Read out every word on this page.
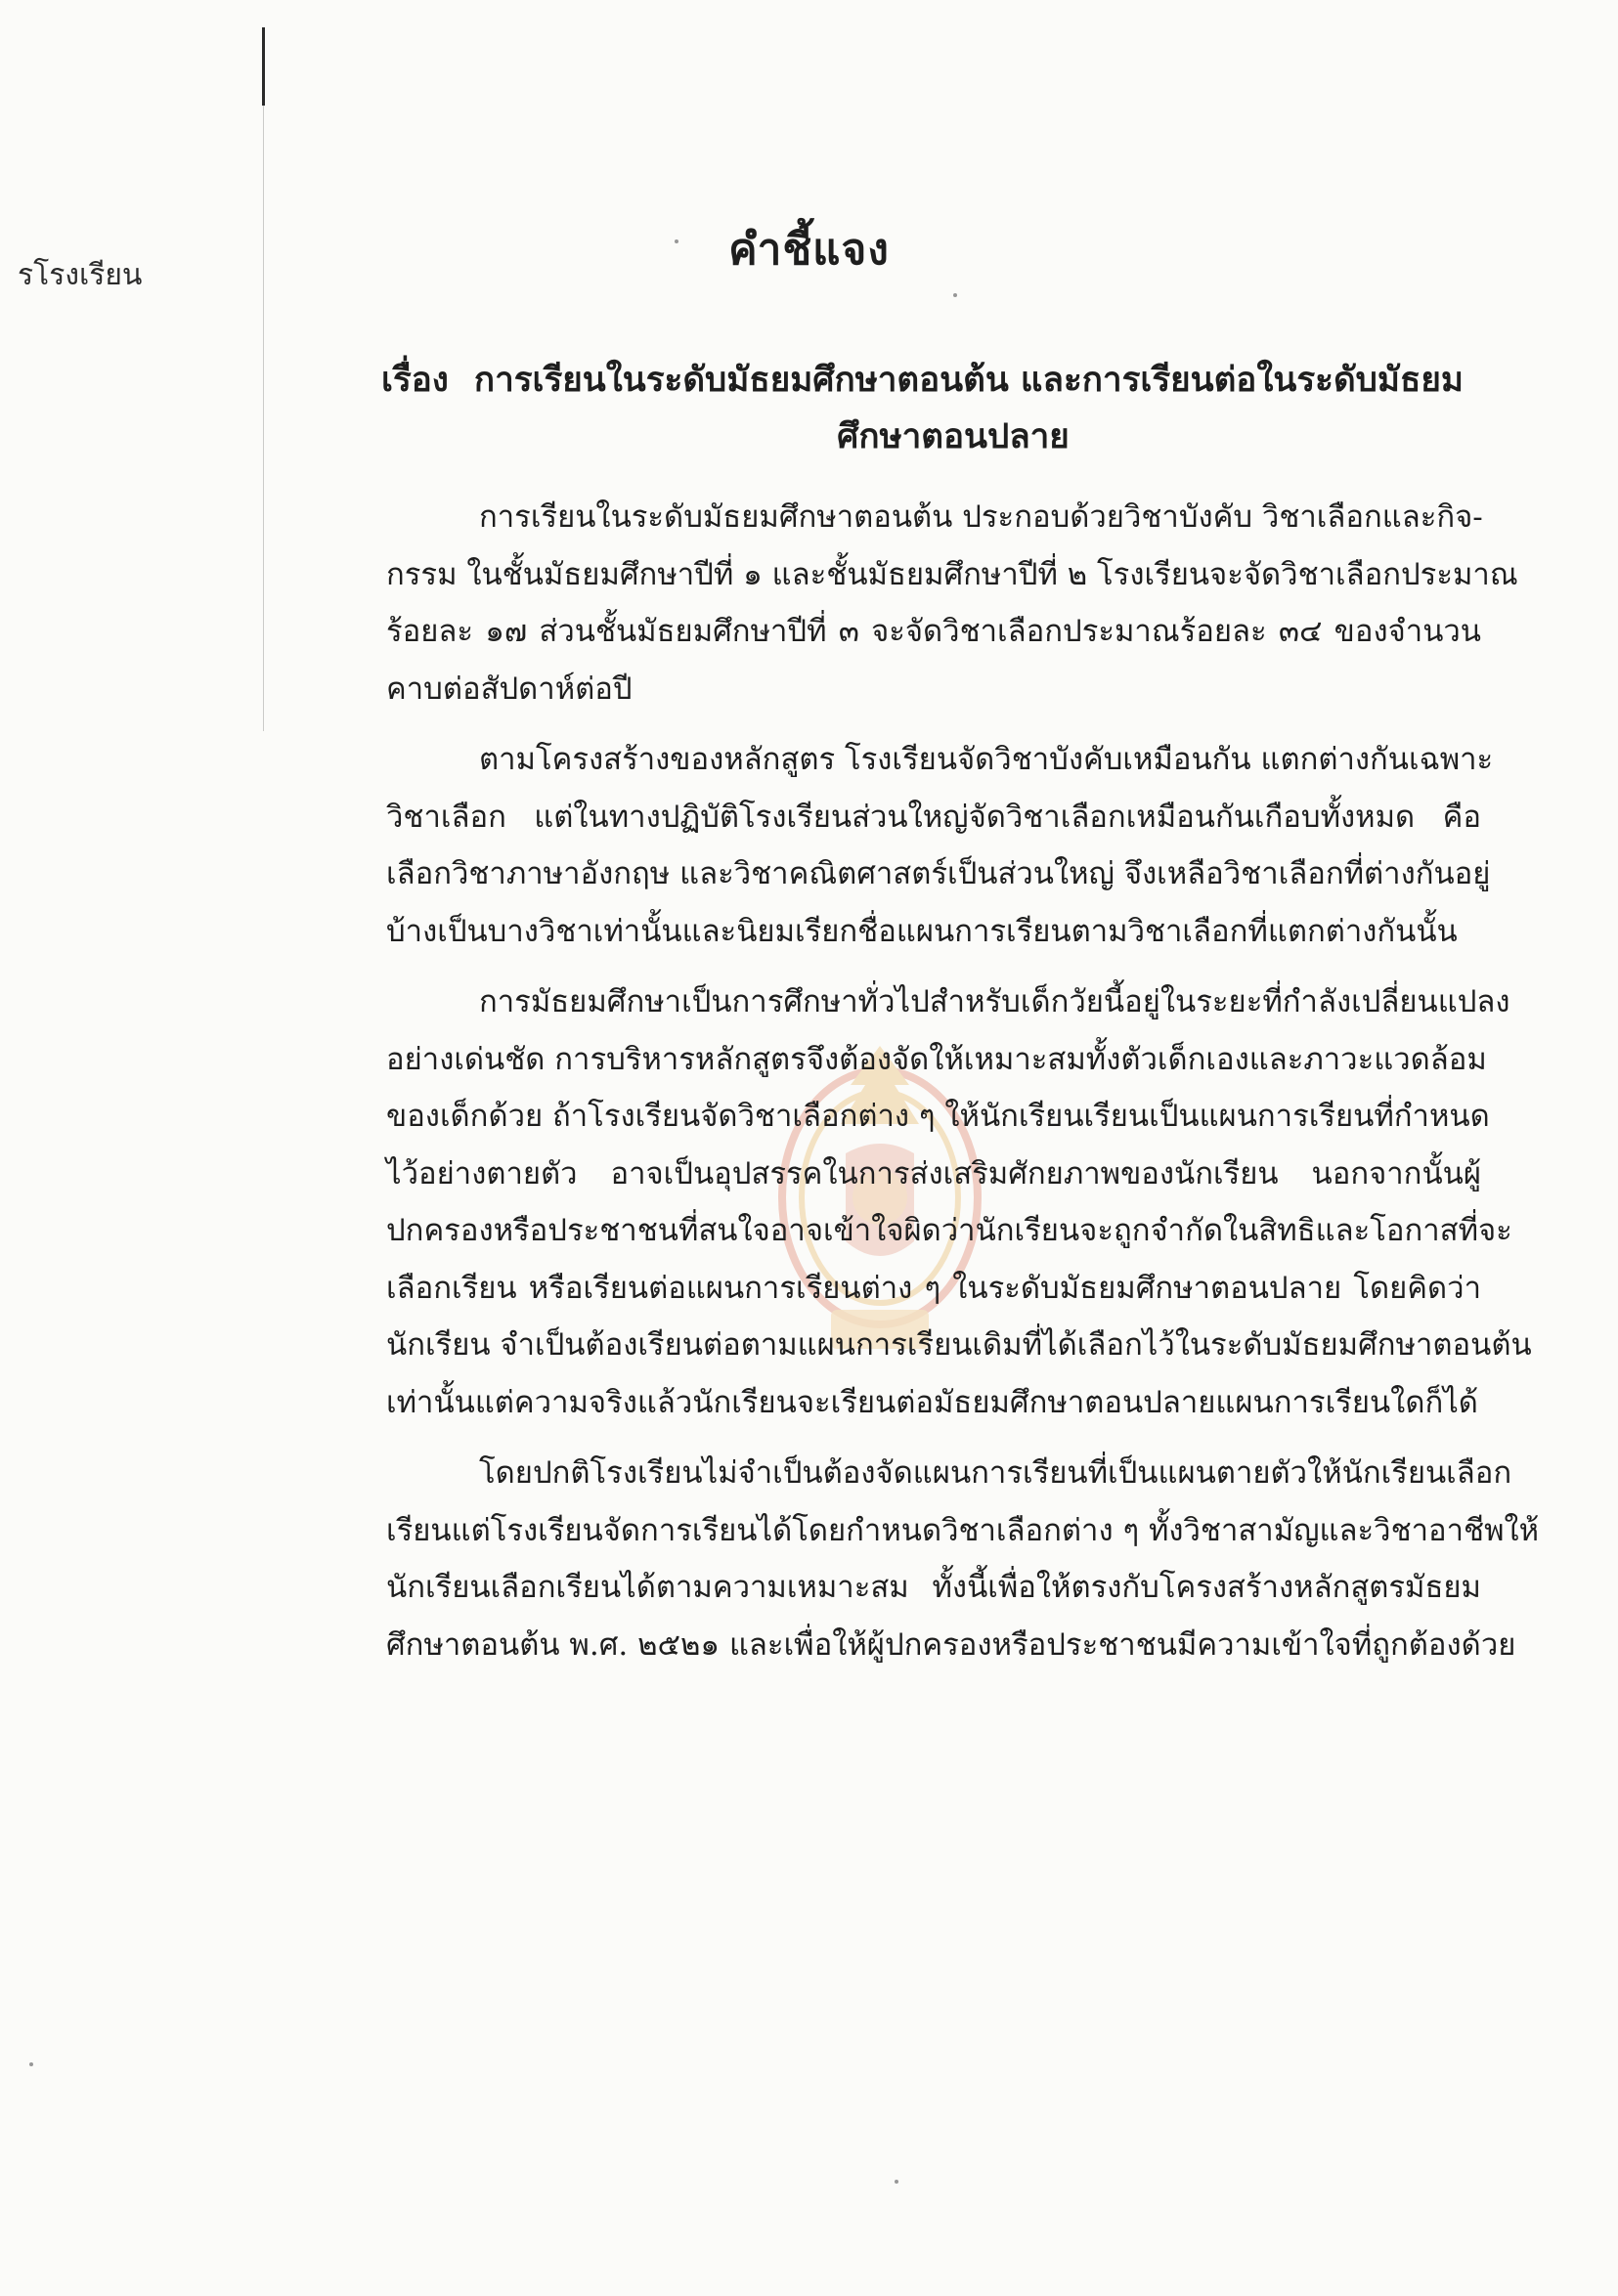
รโรงเรียน
คำชี้แจง
เรื่อง การเรียนในระดับมัธยมศึกษาตอนต้น และการเรียนต่อในระดับมัธยม
ศึกษาตอนปลาย
การเรียนในระดับมัธยมศึกษาตอนต้น ประกอบด้วยวิชาบังคับ วิชาเลือกและกิจ-
กรรม ในชั้นมัธยมศึกษาปีที่ ๑ และชั้นมัธยมศึกษาปีที่ ๒ โรงเรียนจะจัดวิชาเลือกประมาณ
ร้อยละ ๑๗ ส่วนชั้นมัธยมศึกษาปีที่ ๓ จะจัดวิชาเลือกประมาณร้อยละ ๓๔ ของจำนวน
คาบต่อสัปดาห์ต่อปี
ตามโครงสร้างของหลักสูตร โรงเรียนจัดวิชาบังคับเหมือนกัน แตกต่างกันเฉพาะ
วิชาเลือก แต่ในทางปฏิบัติโรงเรียนส่วนใหญ่จัดวิชาเลือกเหมือนกันเกือบทั้งหมด คือ
เลือกวิชาภาษาอังกฤษ และวิชาคณิตศาสตร์เป็นส่วนใหญ่ จึงเหลือวิชาเลือกที่ต่างกันอยู่
บ้างเป็นบางวิชาเท่านั้นและนิยมเรียกชื่อแผนการเรียนตามวิชาเลือกที่แตกต่างกันนั้น
การมัธยมศึกษาเป็นการศึกษาทั่วไปสำหรับเด็กวัยนี้อยู่ในระยะที่กำลังเปลี่ยนแปลง
อย่างเด่นชัด การบริหารหลักสูตรจึงต้องจัดให้เหมาะสมทั้งตัวเด็กเองและภาวะแวดล้อม
ของเด็กด้วย ถ้าโรงเรียนจัดวิชาเลือกต่าง ๆ ให้นักเรียนเรียนเป็นแผนการเรียนที่กำหนด
ไว้อย่างตายตัว อาจเป็นอุปสรรคในการส่งเสริมศักยภาพของนักเรียน นอกจากนั้นผู้
ปกครองหรือประชาชนที่สนใจอาจเข้าใจผิดว่านักเรียนจะถูกจำกัดในสิทธิและโอกาสที่จะ
เลือกเรียน หรือเรียนต่อแผนการเรียนต่าง ๆ ในระดับมัธยมศึกษาตอนปลาย โดยคิดว่า
นักเรียน จำเป็นต้องเรียนต่อตามแผนการเรียนเดิมที่ได้เลือกไว้ในระดับมัธยมศึกษาตอนต้น
เท่านั้นแต่ความจริงแล้วนักเรียนจะเรียนต่อมัธยมศึกษาตอนปลายแผนการเรียนใดก็ได้
โดยปกติโรงเรียนไม่จำเป็นต้องจัดแผนการเรียนที่เป็นแผนตายตัวให้นักเรียนเลือก
เรียนแต่โรงเรียนจัดการเรียนได้โดยกำหนดวิชาเลือกต่าง ๆ ทั้งวิชาสามัญและวิชาอาชีพให้
นักเรียนเลือกเรียนได้ตามความเหมาะสม ทั้งนี้เพื่อให้ตรงกับโครงสร้างหลักสูตรมัธยม
ศึกษาตอนต้น พ.ศ. ๒๕๒๑ และเพื่อให้ผู้ปกครองหรือประชาชนมีความเข้าใจที่ถูกต้องด้วย
